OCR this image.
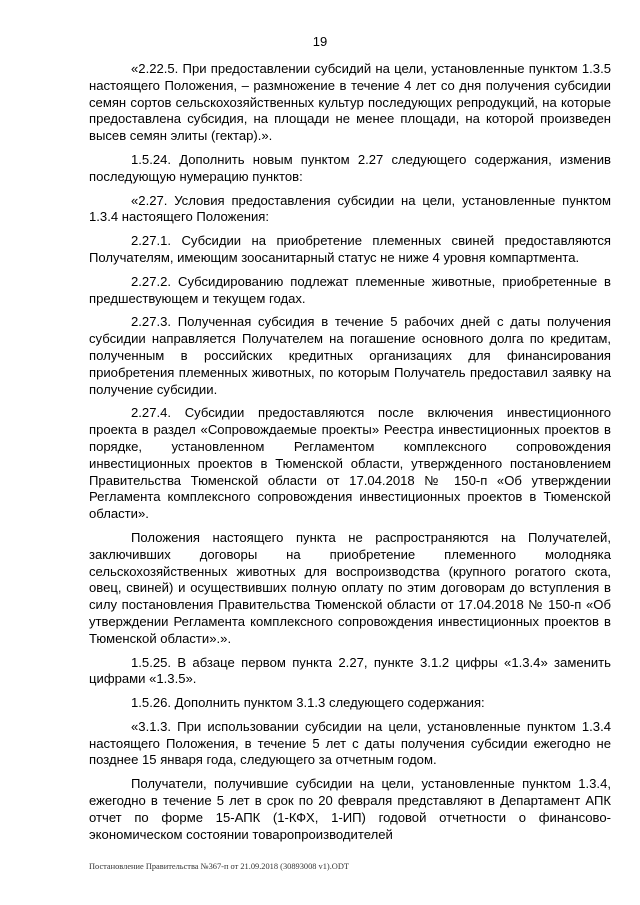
19

«2.22.5. При предоставлении субсидий на цели, установленные пунктом 1.3.5 настоящего Положения, – размножение в течение 4 лет со дня получения субсидии семян сортов сельскохозяйственных культур последующих репродукций, на которые предоставлена субсидия, на площади не менее площади, на которой произведен высев семян элиты (гектар).».

1.5.24. Дополнить новым пунктом 2.27 следующего содержания, изменив последующую нумерацию пунктов:

«2.27. Условия предоставления субсидии на цели, установленные пунктом 1.3.4 настоящего Положения:

2.27.1. Субсидии на приобретение племенных свиней предоставляются Получателям, имеющим зоосанитарный статус не ниже 4 уровня компартмента.

2.27.2. Субсидированию подлежат племенные животные, приобретенные в предшествующем и текущем годах.

2.27.3. Полученная субсидия в течение 5 рабочих дней с даты получения субсидии направляется Получателем на погашение основного долга по кредитам, полученным в российских кредитных организациях для финансирования приобретения племенных животных, по которым Получатель предоставил заявку на получение субсидии.

2.27.4. Субсидии предоставляются после включения инвестиционного проекта в раздел «Сопровождаемые проекты» Реестра инвестиционных проектов в порядке, установленном Регламентом комплексного сопровождения инвестиционных проектов в Тюменской области, утвержденного постановлением Правительства Тюменской области от 17.04.2018 № 150-п «Об утверждении Регламента комплексного сопровождения инвестиционных проектов в Тюменской области».

Положения настоящего пункта не распространяются на Получателей, заключивших договоры на приобретение племенного молодняка сельскохозяйственных животных для воспроизводства (крупного рогатого скота, овец, свиней) и осуществивших полную оплату по этим договорам до вступления в силу постановления Правительства Тюменской области от 17.04.2018 № 150-п «Об утверждении Регламента комплексного сопровождения инвестиционных проектов в Тюменской области».».

1.5.25. В абзаце первом пункта 2.27, пункте 3.1.2 цифры «1.3.4» заменить цифрами «1.3.5».

1.5.26. Дополнить пунктом 3.1.3 следующего содержания:

«3.1.3. При использовании субсидии на цели, установленные пунктом 1.3.4 настоящего Положения, в течение 5 лет с даты получения субсидии ежегодно не позднее 15 января года, следующего за отчетным годом.

Получатели, получившие субсидии на цели, установленные пунктом 1.3.4, ежегодно в течение 5 лет в срок по 20 февраля представляют в Департамент АПК отчет по форме 15-АПК (1-КФХ, 1-ИП) годовой отчетности о финансово-экономическом состоянии товаропроизводителей

Постановление Правительства №367-п от 21.09.2018 (30893008 v1).ODT
